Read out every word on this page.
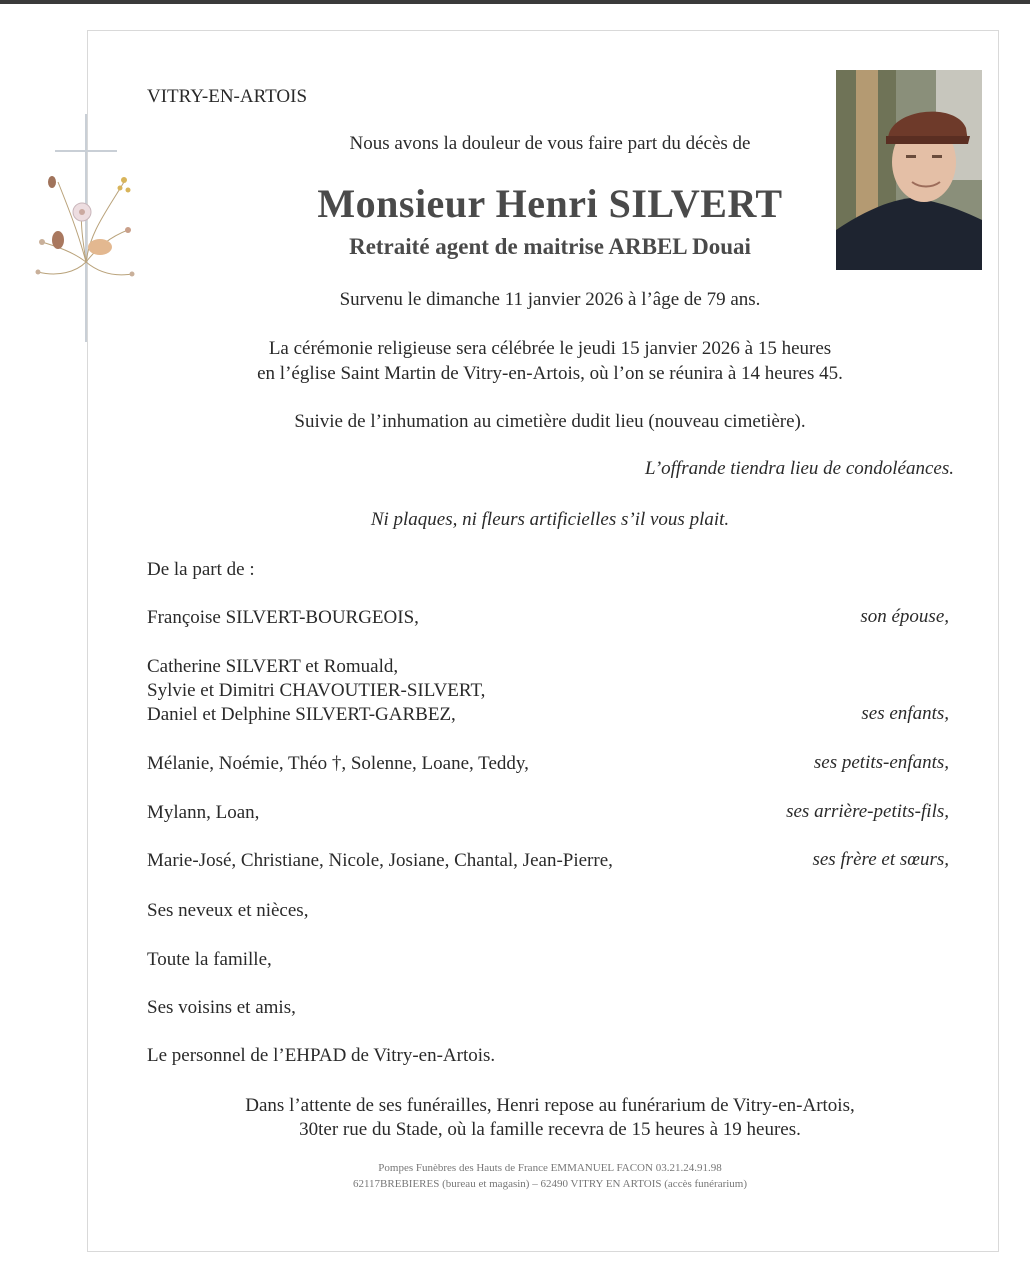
VITRY-EN-ARTOIS
Nous avons la douleur de vous faire part du décès de
Monsieur Henri SILVERT
Retraité agent de maitrise ARBEL Douai
Survenu le dimanche 11 janvier 2026 à l’âge de 79 ans.
La cérémonie religieuse sera célébrée le jeudi 15 janvier 2026 à 15 heures
en l’église Saint Martin de Vitry-en-Artois, où l’on se réunira à 14 heures 45.
Suivie de l’inhumation au cimetière dudit lieu (nouveau cimetière).
L’offrande tiendra lieu de condoléances.
Ni plaques, ni fleurs artificielles s’il vous plait.
De la part de :
Françoise SILVERT-BOURGEOIS,	son épouse,
Catherine SILVERT et Romuald,
Sylvie et Dimitri CHAVOUTIER-SILVERT,
Daniel et Delphine SILVERT-GARBEZ,	ses enfants,
Mélanie, Noémie, Théo †, Solenne, Loane, Teddy,	ses petits-enfants,
Mylann, Loan,	ses arrière-petits-fils,
Marie-José, Christiane, Nicole, Josiane, Chantal, Jean-Pierre,	ses frère et sœurs,
Ses neveux et nièces,
Toute la famille,
Ses voisins et amis,
Le personnel de l’EHPAD de Vitry-en-Artois.
Dans l’attente de ses funérailles, Henri repose au funérarium de Vitry-en-Artois,
30ter rue du Stade, où la famille recevra de 15 heures à 19 heures.
Pompes Funèbres des Hauts de France EMMANUEL FACON 03.21.24.91.98
62117BREBIERES (bureau et magasin) – 62490 VITRY EN ARTOIS (accès funérarium)
